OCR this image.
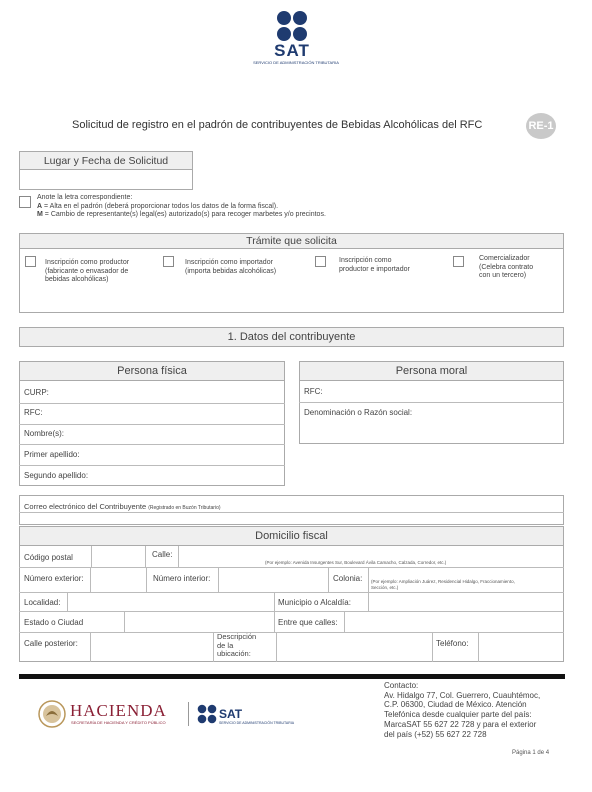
SAT
SERVICIO DE ADMINISTRACIÓN TRIBUTARIA
Solicitud de registro en el padrón de contribuyentes de Bebidas Alcohólicas del RFC	RE-1
Lugar y Fecha de Solicitud
Anote la letra correspondiente:
A = Alta en el padrón (deberá proporcionar todos los datos de la forma fiscal).
M = Cambio de representante(s) legal(es) autorizado(s) para recoger marbetes y/o precintos.
Trámite que solicita
Inscripción como productor
(fabricante o envasador de
bebidas alcohólicas)
Inscripción como importador
(importa bebidas alcohólicas)
Inscripción como
productor e importador
Comercializador
(Celebra contrato
con un tercero)
1. Datos del contribuyente
Persona física
CURP:
RFC:
Nombre(s):
Primer apellido:
Segundo apellido:
Persona moral
RFC:
Denominación o Razón social:
Correo electrónico del Contribuyente (Registrado en Buzón Tributario)
Domicilio fiscal
Código postal	Calle:
(Por ejemplo: Avenida Insurgentes Sur, Boulevard Ávila Camacho, Calzada, Corredor, etc.)
Número exterior:	Número interior:	Colonia: (Por ejemplo: Ampliación Juárez, Residencial Hidalgo, Fraccionamiento,
Sección, etc.)
Localidad:	Municipio o Alcaldía:
Estado o Ciudad	Entre que calles:
Calle posterior:
Descripción
de la
ubicación:
Teléfono:
HACIENDA
SECRETARÍA DE HACIENDA Y CRÉDITO PÚBLICO
SAT
SERVICIO DE ADMINISTRACIÓN TRIBUTARIA
Contacto:
Av. Hidalgo 77, Col. Guerrero, Cuauhtémoc,
C.P. 06300, Ciudad de México. Atención
Telefónica desde cualquier parte del país:
MarcaSAT 55 627 22 728 y para el exterior
del país (+52) 55 627 22 728
Página 1 de 4
